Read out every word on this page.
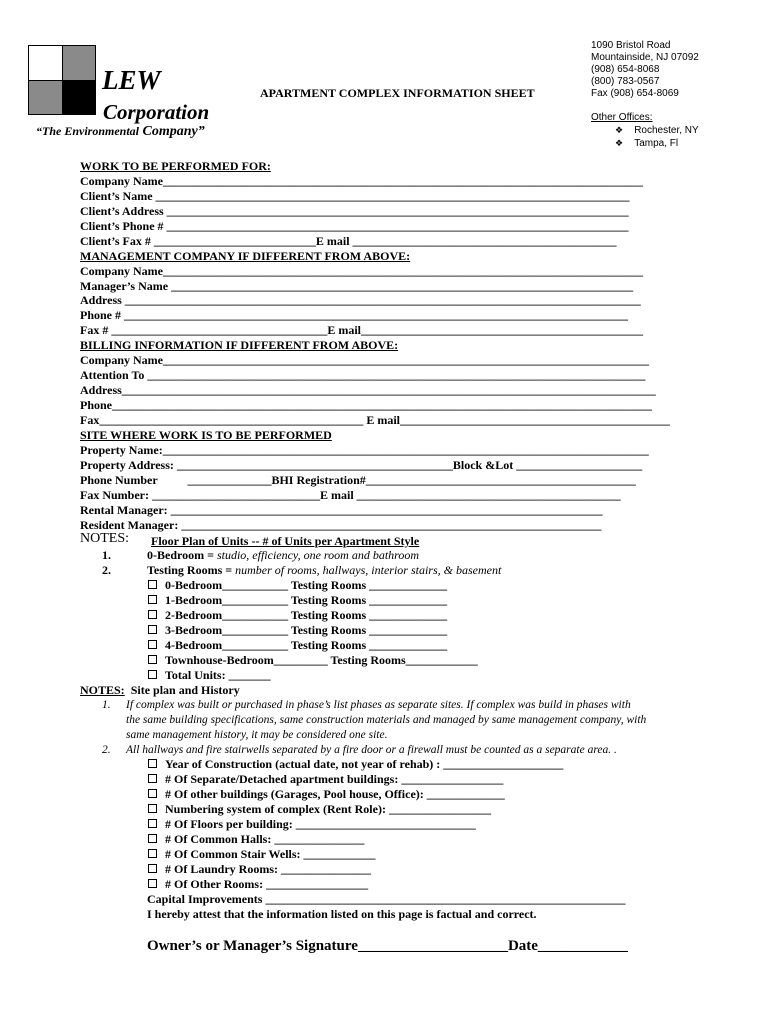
LEW
Corporation
“The Environmental Company”
APARTMENT COMPLEX INFORMATION SHEET
1090 Bristol Road
Mountainside, NJ 07092
(908) 654-8068
(800) 783-0567
Fax (908) 654-8069
Other Offices:
❖ Rochester, NY
❖ Tampa, Fl
WORK TO BE PERFORMED FOR:
Company Name________________________________________________________________________________
Client’s Name _______________________________________________________________________________
Client’s Address _____________________________________________________________________________
Client’s Phone # _____________________________________________________________________________
Client’s Fax # ___________________________E mail ____________________________________________
MANAGEMENT COMPANY IF DIFFERENT FROM ABOVE:
Company Name________________________________________________________________________________
Manager’s Name _____________________________________________________________________________
Address ______________________________________________________________________________________
Phone # ____________________________________________________________________________________
Fax # ____________________________________E mail_______________________________________________
BILLING INFORMATION IF DIFFERENT FROM ABOVE:
Company Name_________________________________________________________________________________
Attention To ___________________________________________________________________________________
Address_________________________________________________________________________________________
Phone__________________________________________________________________________________________
Fax____________________________________________ E mail_____________________________________________
SITE WHERE WORK IS TO BE PERFORMED
Property Name:_________________________________________________________________________________
Property Address: ______________________________________________Block &Lot _____________________
Phone Number          ______________BHI Registration#_____________________________________________
Fax Number: ____________________________E mail ____________________________________________
Rental Manager: ________________________________________________________________________
Resident Manager: ______________________________________________________________________
NOTES: Floor Plan of Units -- # of Units per Apartment Style
1.	0-Bedroom = studio, efficiency, one room and bathroom
2.	Testing Rooms = number of rooms, hallways, interior stairs, & basement
0-Bedroom___________ Testing Rooms _____________
1-Bedroom___________ Testing Rooms _____________
2-Bedroom___________ Testing Rooms _____________
3-Bedroom___________ Testing Rooms _____________
4-Bedroom___________ Testing Rooms _____________
Townhouse-Bedroom_________ Testing Rooms____________
Total Units: _______
NOTES:  Site plan and History
1. If complex was built or purchased in phase’s list phases as separate sites. If complex was build in phases with
the same building specifications, same construction materials and managed by same management company, with
same management history, it may be considered one site.
2. All hallways and fire stairwells separated by a fire door or a firewall must be counted as a separate area. .
Year of Construction (actual date, not year of rehab) : ____________________
# Of Separate/Detached apartment buildings: _________________
# Of other buildings (Garages, Pool house, Office): _____________
Numbering system of complex (Rent Role): _________________
# Of Floors per building: ______________________________
# Of Common Halls: _______________
# Of Common Stair Wells: ____________
# Of Laundry Rooms: _______________
# Of Other Rooms: _________________
Capital Improvements ____________________________________________________________
I hereby attest that the information listed on this page is factual and correct.
Owner’s or Manager’s Signature____________________Date____________
